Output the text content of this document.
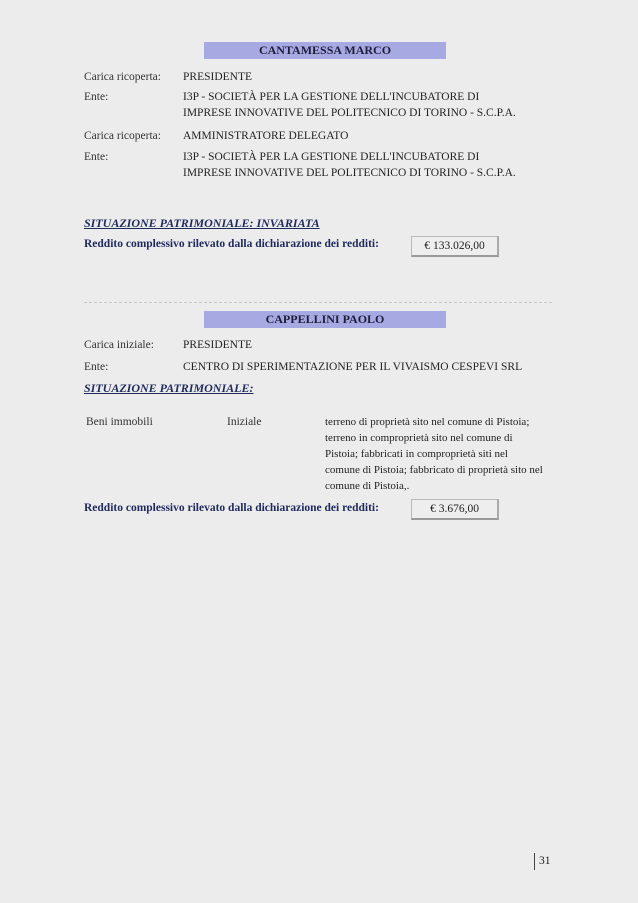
CANTAMESSA MARCO
Carica ricoperta: PRESIDENTE
Ente:	I3P - SOCIETÀ PER LA GESTIONE DELL'INCUBATORE DI
IMPRESE INNOVATIVE DEL POLITECNICO DI TORINO - S.C.P.A.
Carica ricoperta: AMMINISTRATORE DELEGATO
Ente:	I3P - SOCIETÀ PER LA GESTIONE DELL'INCUBATORE DI
IMPRESE INNOVATIVE DEL POLITECNICO DI TORINO - S.C.P.A.
SITUAZIONE PATRIMONIALE: INVARIATA
Reddito complessivo rilevato dalla dichiarazione dei redditi:	€ 133.026,00
CAPPELLINI PAOLO
Carica iniziale:	PRESIDENTE
Ente:	CENTRO DI SPERIMENTAZIONE PER IL VIVAISMO CESPEVI SRL
SITUAZIONE PATRIMONIALE:
Beni immobili	Iniziale	terreno di proprietà sito nel comune di Pistoia;
terreno in comproprietà sito nel comune di
Pistoia; fabbricati in comproprietà siti nel
comune di Pistoia; fabbricato di proprietà sito nel
comune di Pistoia,.
Reddito complessivo rilevato dalla dichiarazione dei redditi:	€ 3.676,00
31
